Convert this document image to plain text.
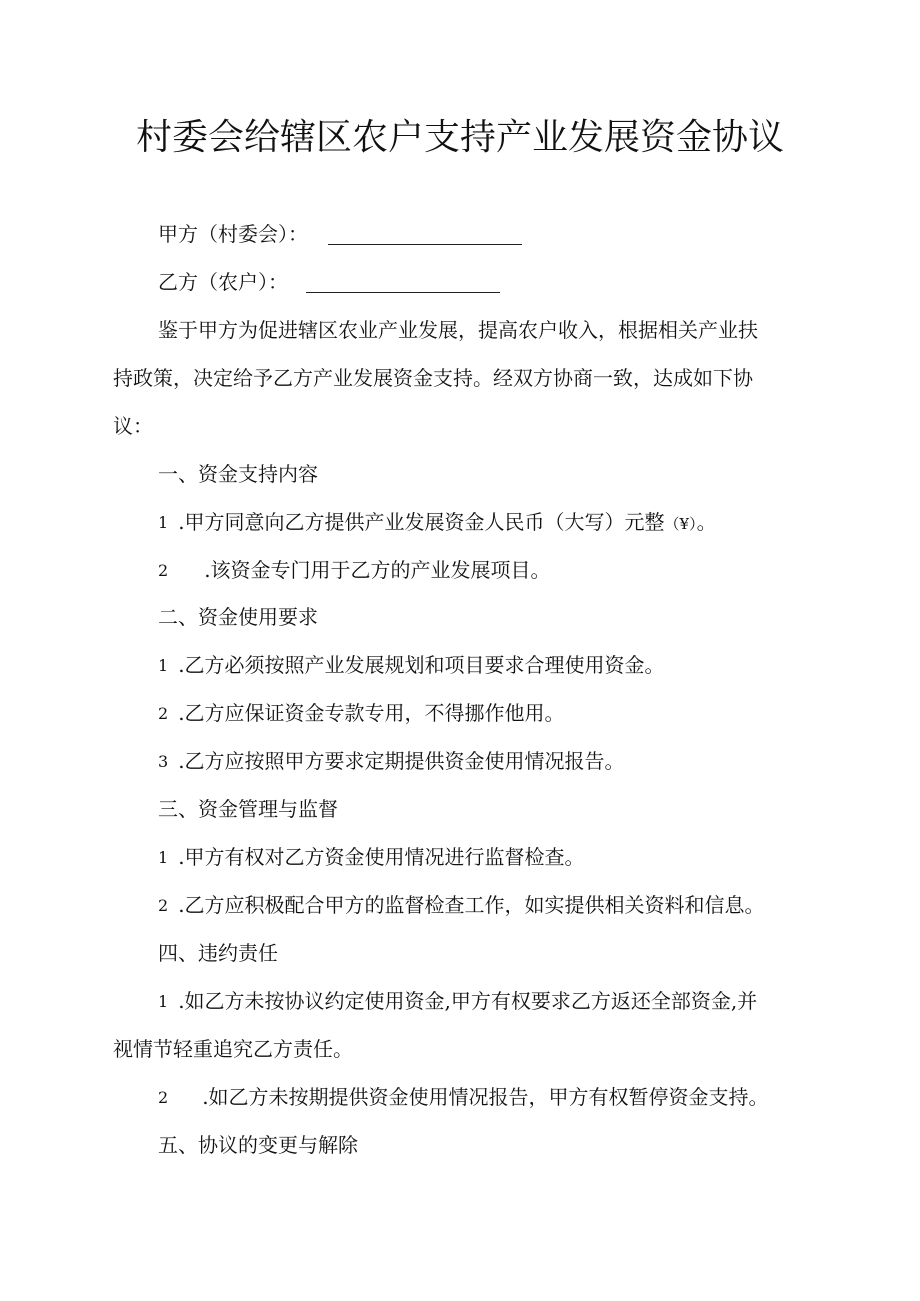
村委会给辖区农户支持产业发展资金协议
甲方（村委会）：
乙方（农户）：
鉴于甲方为促进辖区农业产业发展，提高农户收入，根据相关产业扶
持政策，决定给予乙方产业发展资金支持。经双方协商一致，达成如下协
议：
一、资金支持内容
1 .甲方同意向乙方提供产业发展资金人民币（大写）元整（¥）。
2 .该资金专门用于乙方的产业发展项目。
二、资金使用要求
1 .乙方必须按照产业发展规划和项目要求合理使用资金。
2 .乙方应保证资金专款专用，不得挪作他用。
3 .乙方应按照甲方要求定期提供资金使用情况报告。
三、资金管理与监督
1 .甲方有权对乙方资金使用情况进行监督检查。
2 .乙方应积极配合甲方的监督检查工作，如实提供相关资料和信息。
四、违约责任
1 .如乙方未按协议约定使用资金,甲方有权要求乙方返还全部资金,并
视情节轻重追究乙方责任。
2 .如乙方未按期提供资金使用情况报告，甲方有权暂停资金支持。
五、协议的变更与解除
